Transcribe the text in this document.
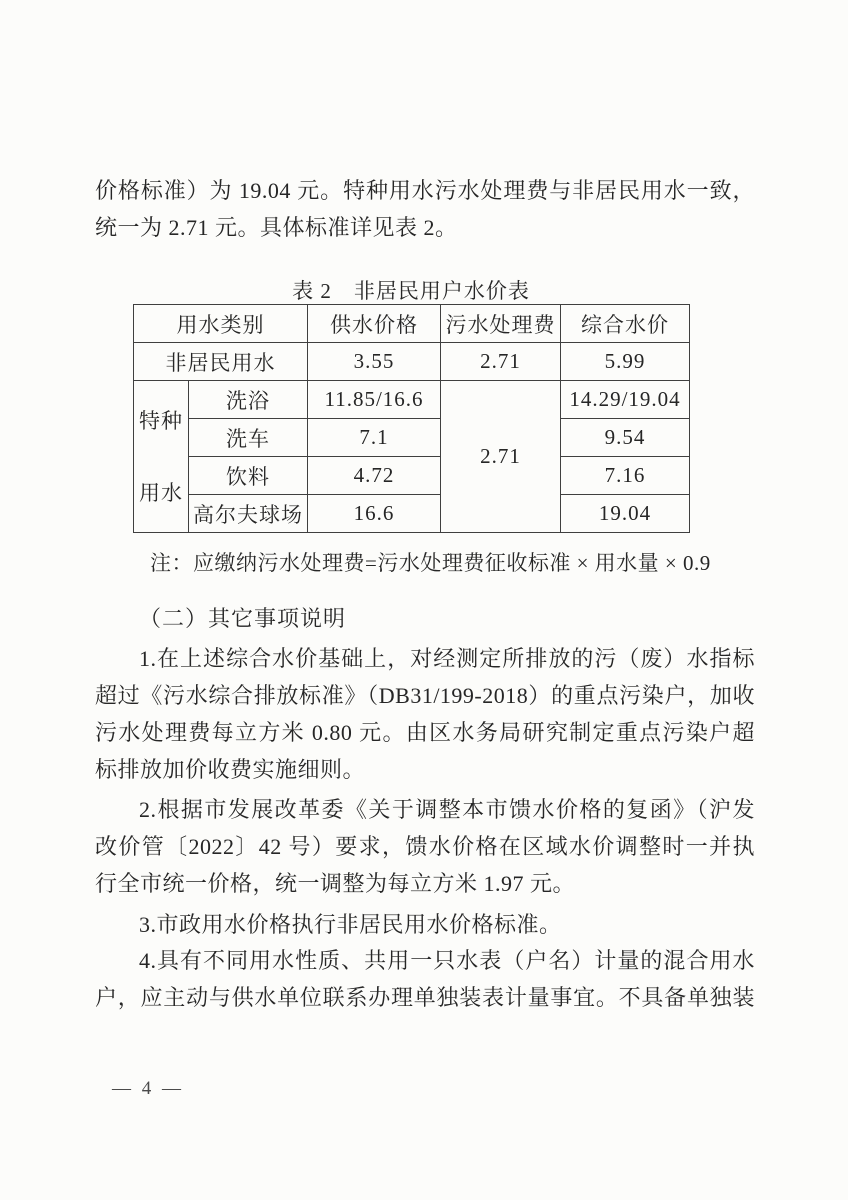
价格标准）为 19.04 元。特种用水污水处理费与非居民用水一致，
统一为 2.71 元。具体标准详见表 2。
表 2　非居民用户水价表
用水类别		供水价格	污水处理费	综合水价
非居民用水		3.55	2.71	5.99
特种用水	洗浴	11.85/16.6	2.71	14.29/19.04
	洗车	7.1		9.54
	饮料	4.72		7.16
	高尔夫球场	16.6		19.04
注：应缴纳污水处理费=污水处理费征收标准 × 用水量 × 0.9
（二）其它事项说明
1.在上述综合水价基础上，对经测定所排放的污（废）水指标
超过《污水综合排放标准》（DB31/199-2018）的重点污染户，加收
污水处理费每立方米 0.80 元。由区水务局研究制定重点污染户超
标排放加价收费实施细则。
2.根据市发展改革委《关于调整本市馈水价格的复函》（沪发
改价管〔2022〕42 号）要求，馈水价格在区域水价调整时一并执
行全市统一价格，统一调整为每立方米 1.97 元。
3.市政用水价格执行非居民用水价格标准。
4.具有不同用水性质、共用一只水表（户名）计量的混合用水
户，应主动与供水单位联系办理单独装表计量事宜。不具备单独装
— 4 —
